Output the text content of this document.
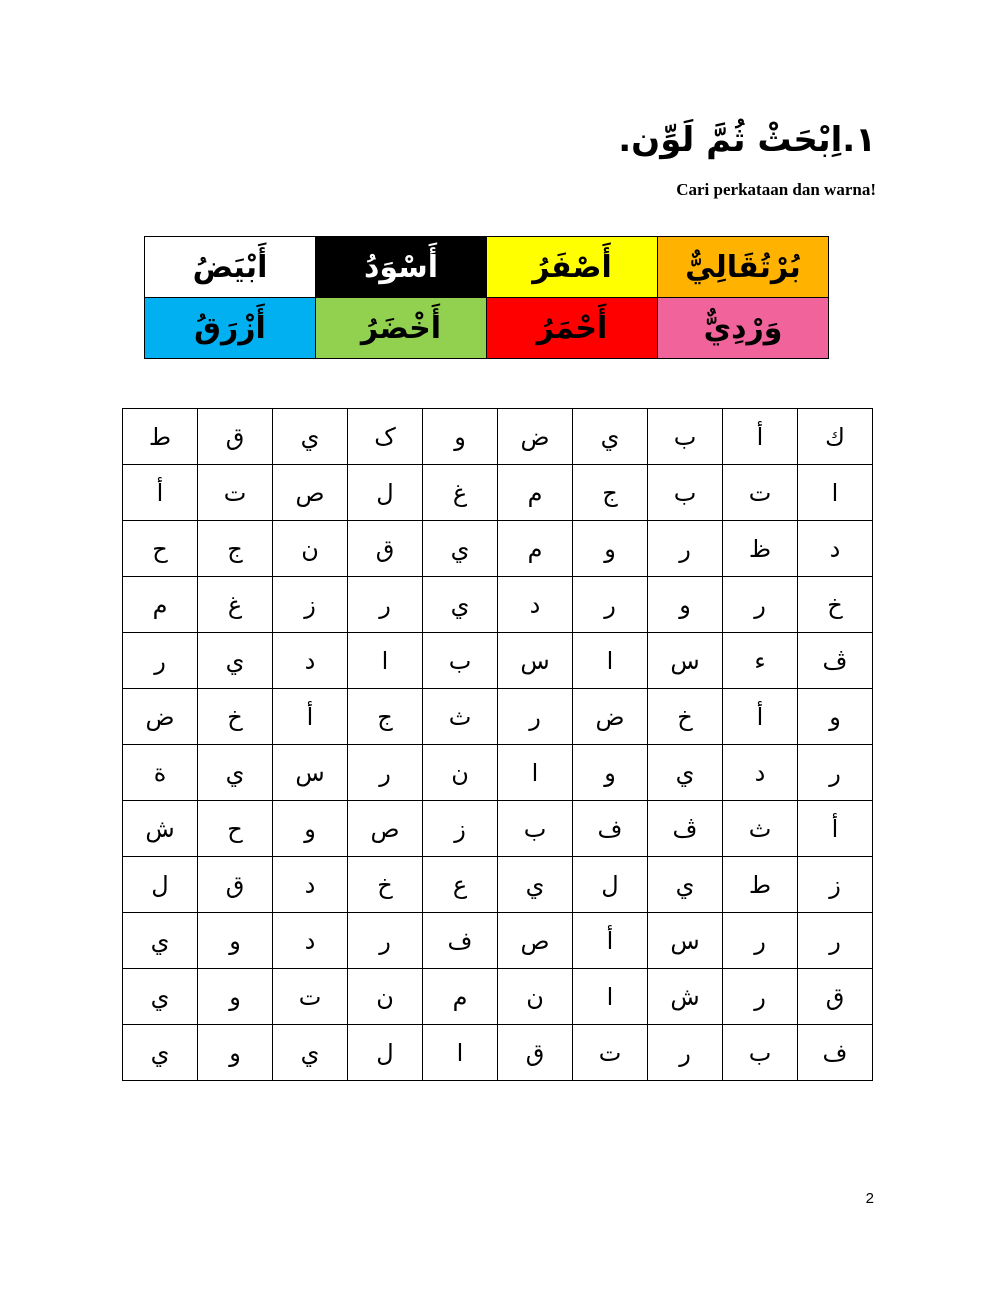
١.اِبْحَثْ ثُمَّ لَوِّن.
Cari perkataan dan warna!
بُرْتُقَالِيٌّ	أَصْفَرُ	أَسْوَدُ	أَبْيَضُ
وَرْدِيٌّ	أَحْمَرُ	أَخْضَرُ	أَزْرَقُ
ك	أ	ب	ي	ض	و	ک	ي	ق	ط
ا	ت	ب	ج	م	غ	ل	ص	ت	أ
د	ظ	ر	و	م	ي	ق	ن	ج	ح
خ	ر	و	ر	د	ي	ر	ز	غ	م
ڤ	ء	س	ا	س	ب	ا	د	ي	ر
و	أ	خ	ض	ر	ث	ج	أ	خ	ض
ر	د	ي	و	ا	ن	ر	س	ي	ة
أ	ث	ڤ	ف	ب	ز	ص	و	ح	ش
ز	ط	ي	ل	ي	ع	خ	د	ق	ل
ر	ر	س	أ	ص	ف	ر	د	و	ي
ق	ر	ش	ا	ن	م	ن	ت	و	ي
ف	ب	ر	ت	ق	ا	ل	ي	و	ي
2
